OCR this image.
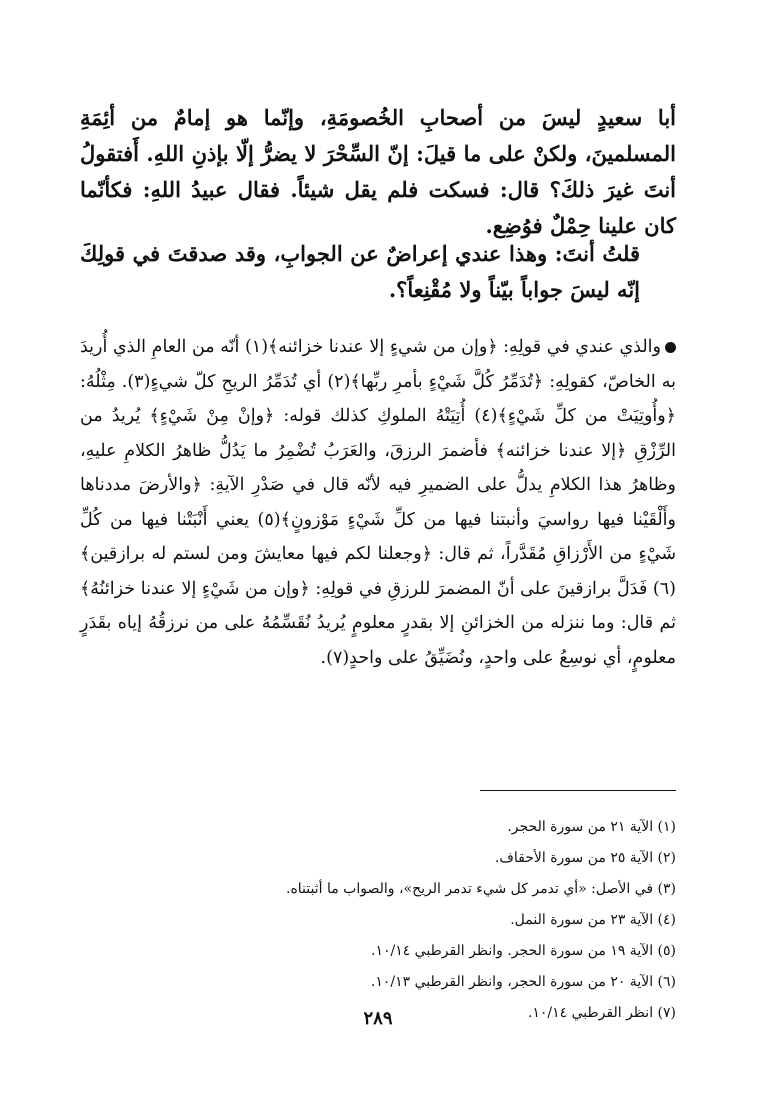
أبا سعيدٍ ليسَ من أصحابِ الخُصومَةِ، وإنّما هو إمامٌ من أئِمَةِ المسلمينَ، ولكنْ على ما قيلَ: إنّ السِّحْرَ لا يضرُّ إلّا بإذنِ اللهِ. أَفتقولُ أنتَ غيرَ ذلكَ؟ قال: فسكت فلم يقل شيئاً. فقال عبيدُ اللهِ: فكأنّما كان علينا حِمْلٌ فوُضِع.
قلتُ أنتَ: وهذا عندي إعراضٌ عن الجوابِ، وقد صدقتَ في قولِكَ إنّه ليسَ جواباً بيّناً ولا مُقْنِعاً؟.
والذي عندي في قولِهِ: ﴿وإن من شيءٍ إلا عندنا خزائنه﴾(١) أنّه من العامِ الذي أُريدَ به الخاصّ، كقولِهِ: ﴿تُدَمِّرُ كُلَّ شَيْءٍ بأمرِ ربِّها﴾(٢) أي تُدَمِّرُ الريحِ كلّ شيءٍ(٣). مِثْلُهُ: ﴿وأُوتِيَتْ من كلِّ شَيْءٍ﴾(٤) أُتِيَتْهُ الملوكِ كذلك قوله: ﴿وإنْ مِنْ شَيْءٍ﴾ يُريدُ من الرِّزْقِ ﴿إلا عندنا خزائنه﴾ فأضمرَ الرزقَ، والعَرَبُ تُضْمِرُ ما يَدُلُّ ظاهرُ الكلامِ عليهِ، وظاهرُ هذا الكلامِ يدلُّ على الضميرِ فيه لأنّه قال في صَدْرِ الآيةِ: ﴿والأرضَ مددناها وأَلْقَيْنا فيها رواسيَ وأنبتنا فيها من كلِّ شَيْءٍ مَوْزونٍ﴾(٥) يعني أَنْبَتْنا فيها من كُلِّ شَيْءٍ من الأَرْزاقِ مُقَدَّراً، ثم قال: ﴿وجعلنا لكم فيها معايشَ ومن لستم له برازقين﴾(٦) فَدَلَّ برازقينَ على أنّ المضمرَ للرزقِ في قولِهِ: ﴿وإن من شَيْءٍ إلا عندنا خزائنُهُ﴾ ثم قال: وما ننزله من الخزائنِ إلا بقدرٍ معلومٍ يُريدُ نُقَسِّمُهُ على من نرزقُهُ إياه بقَدَرٍ معلومٍ، أي نوسِعُ على واحدٍ، ونُضَيِّقُ على واحدٍ(٧).
(١) الآية ٢١ من سورة الحجر.
(٢) الآية ٢٥ من سورة الأحقاف.
(٣) في الأصل: «أي تدمر كل شيء تدمر الريح»، والصواب ما أثبتناه.
(٤) الآية ٢٣ من سورة النمل.
(٥) الآية ١٩ من سورة الحجر. وانظر القرطبي ١٠/١٤.
(٦) الآية ٢٠ من سورة الحجر، وانظر القرطبي ١٠/١٣.
(٧) انظر القرطبي ١٠/١٤.
٢٨٩
